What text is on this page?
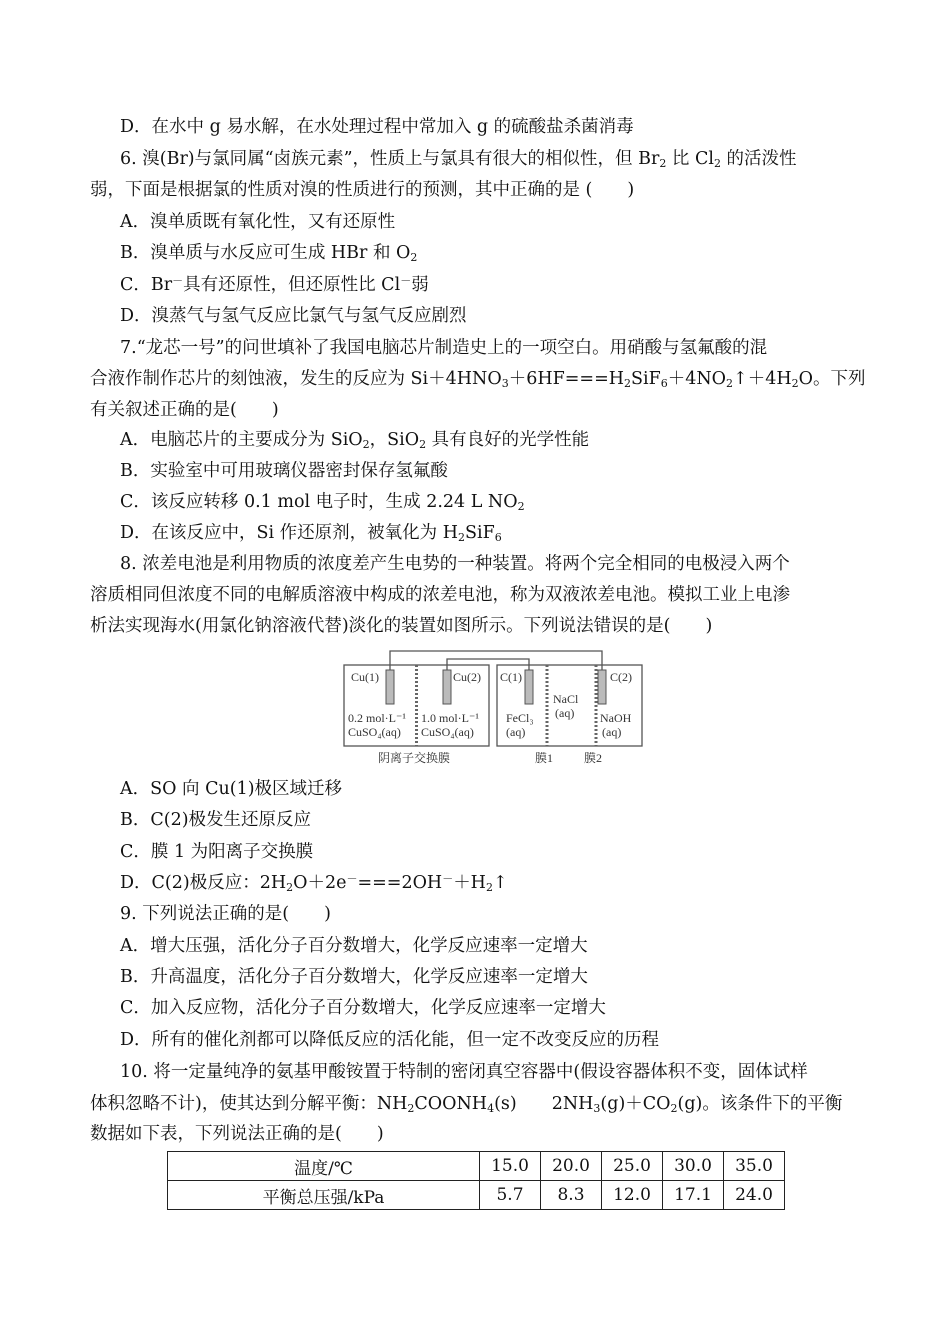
D．在水中 g 易水解，在水处理过程中常加入 g 的硫酸盐杀菌消毒
6. 溴(Br)与氯同属“卤族元素”，性质上与氯具有很大的相似性，但 $Br_2$ 比 $Cl_2$ 的活泼性
弱，下面是根据氯的性质对溴的性质进行的预测，其中正确的是 (　　)
A．溴单质既有氧化性，又有还原性
B．溴单质与水反应可生成 HBr 和 $O_2$
C．Br－具有还原性，但还原性比 Cl－弱
D．溴蒸气与氢气反应比氯气与氢气反应剧烈
7.“龙芯一号”的问世填补了我国电脑芯片制造史上的一项空白。用硝酸与氢氟酸的混
合液作制作芯片的刻蚀液，发生的反应为 $Si+4HNO_3+6HF===H_2SiF_6+4NO_2↑+4H_2O$。下列
有关叙述正确的是(　　)
A．电脑芯片的主要成分为 SiO$_2$，SiO$_2$ 具有良好的光学性能
B．实验室中可用玻璃仪器密封保存氢氟酸
C．该反应转移 0.1 mol 电子时，生成 2.24 L $NO_2$
D．在该反应中，Si 作还原剂，被氧化为 $H_2SiF_6$
8. 浓差电池是利用物质的浓度差产生电势的一种装置。将两个完全相同的电极浸入两个
溶质相同但浓度不同的电解质溶液中构成的浓差电池，称为双液浓差电池。模拟工业上电渗
析法实现海水(用氯化钠溶液代替)淡化的装置如图所示。下列说法错误的是(　　)
Cu(1)	Cu(2) C(1)	C(2)
0.2 mol·L⁻¹
CuSO₄(aq)
1.0 mol·L⁻¹
CuSO₄(aq)
FeCl₃
(aq)
NaCl
(aq) NaOH
(aq)
阴离子交换膜	膜1	膜2
A．SO 向 Cu(1)极区域迁移
B．C(2)极发生还原反应
C．膜 1 为阳离子交换膜
D．C(2)极反应：$2H_2O+2e^-===2OH^-+H_2↑$
9. 下列说法正确的是(　　)
A．增大压强，活化分子百分数增大，化学反应速率一定增大
B．升高温度，活化分子百分数增大，化学反应速率一定增大
C．加入反应物，活化分子百分数增大，化学反应速率一定增大
D．所有的催化剂都可以降低反应的活化能，但一定不改变反应的历程
10. 将一定量纯净的氨基甲酸铵置于特制的密闭真空容器中(假设容器体积不变，固体试样
体积忽略不计)，使其达到分解平衡：$NH_2COONH_4(s)$　　$2NH_3(g)+CO_2(g)$。该条件下的平衡
数据如下表，下列说法正确的是(　　)
温度/℃	15.0	20.0	25.0	30.0	35.0
平衡总压强/kPa	5.7	8.3	12.0	17.1	24.0
